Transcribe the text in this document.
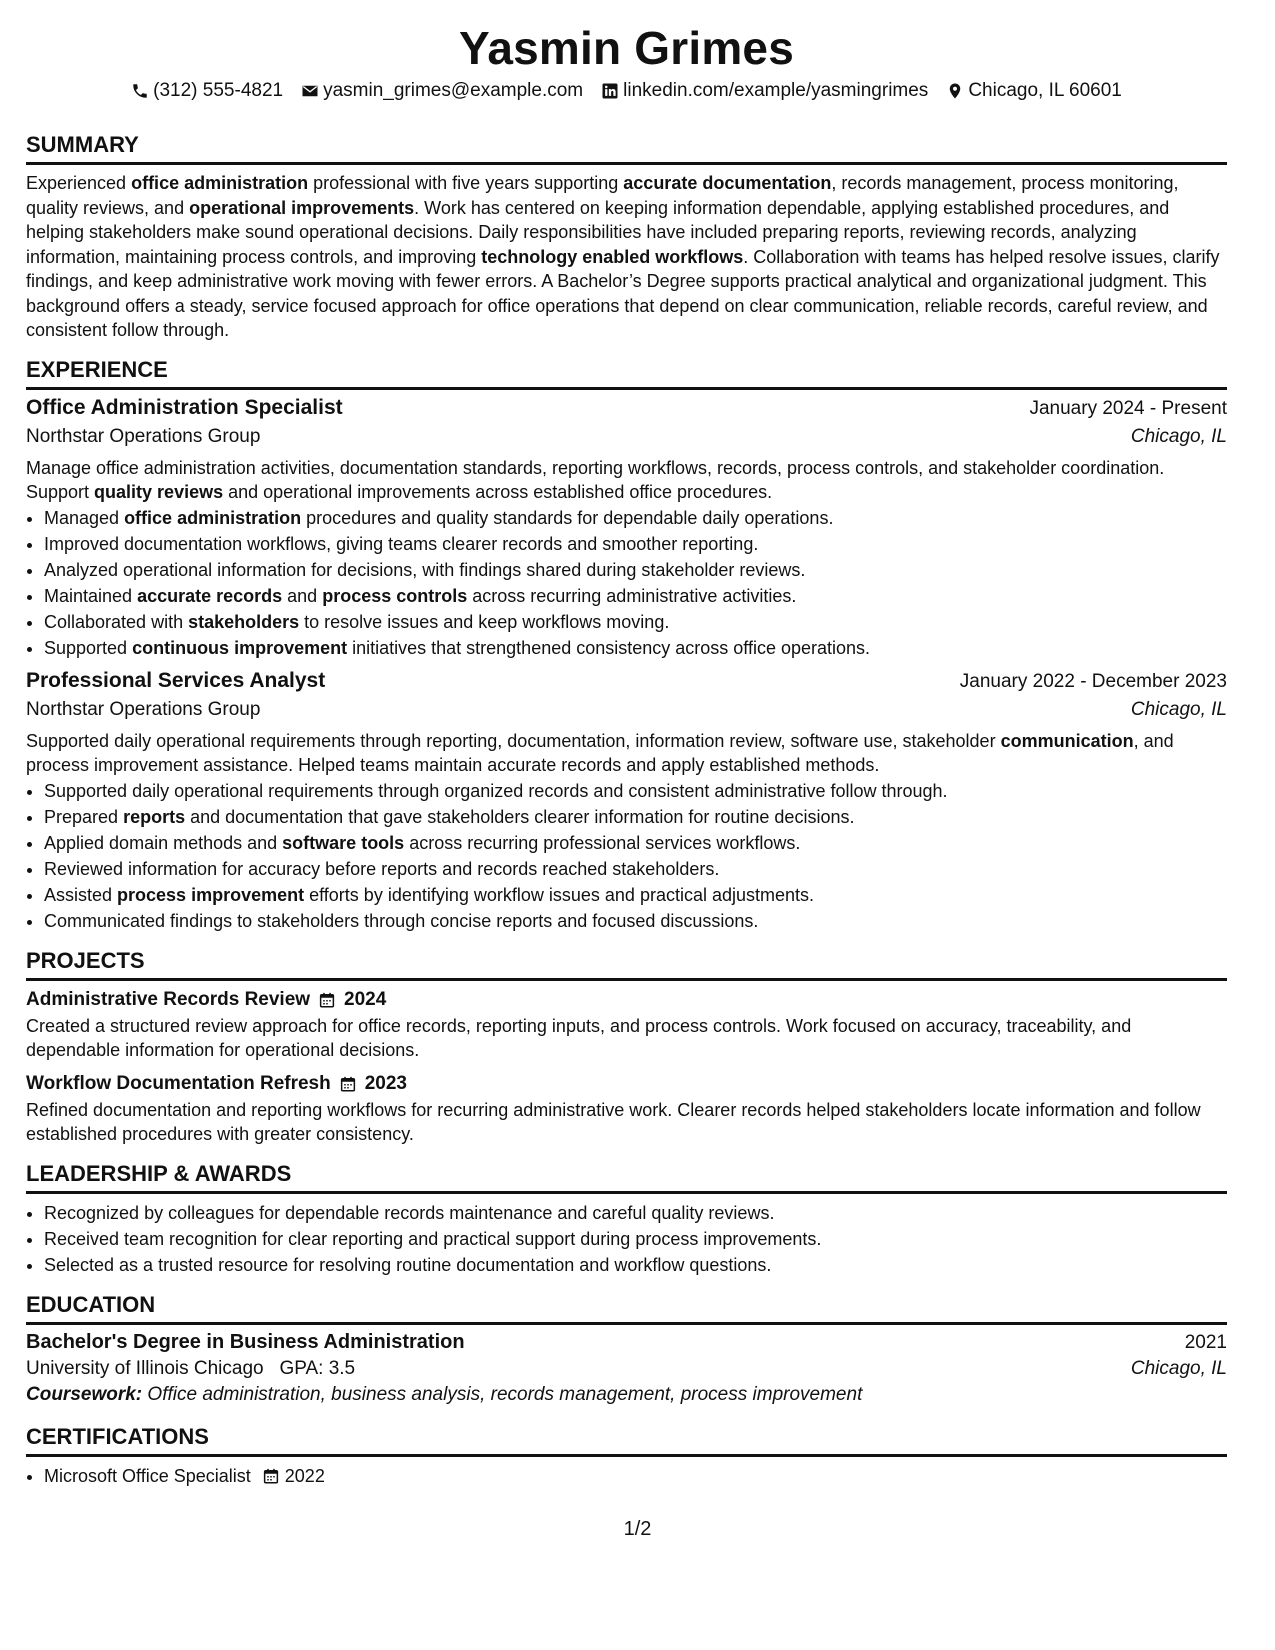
Yasmin Grimes
(312) 555-4821 yasmin_grimes@example.com linkedin.com/example/yasmingrimes Chicago, IL 60601
SUMMARY

Experienced office administration professional with five years supporting accurate documentation, records management, process monitoring, quality reviews, and operational improvements. Work has centered on keeping information dependable, applying established procedures, and helping stakeholders make sound operational decisions. Daily responsibilities have included preparing reports, reviewing records, analyzing information, maintaining process controls, and improving technology enabled workflows. Collaboration with teams has helped resolve issues, clarify findings, and keep administrative work moving with fewer errors. A Bachelor’s Degree supports practical analytical and organizational judgment. This background offers a steady, service focused approach for office operations that depend on clear communication, reliable records, careful review, and consistent follow through.

EXPERIENCE
Office Administration Specialist	January 2024 - Present
Northstar Operations Group	Chicago, IL

Manage office administration activities, documentation standards, reporting workflows, records, process controls, and stakeholder coordination. Support quality reviews and operational improvements across established office procedures.

• Managed office administration procedures and quality standards for dependable daily operations.
• Improved documentation workflows, giving teams clearer records and smoother reporting.
• Analyzed operational information for decisions, with findings shared during stakeholder reviews.
• Maintained accurate records and process controls across recurring administrative activities.
• Collaborated with stakeholders to resolve issues and keep workflows moving.
• Supported continuous improvement initiatives that strengthened consistency across office operations.
Professional Services Analyst	January 2022 - December 2023
Northstar Operations Group	Chicago, IL

Supported daily operational requirements through reporting, documentation, information review, software use, stakeholder communication, and process improvement assistance. Helped teams maintain accurate records and apply established methods.

• Supported daily operational requirements through organized records and consistent administrative follow through.
• Prepared reports and documentation that gave stakeholders clearer information for routine decisions.
• Applied domain methods and software tools across recurring professional services workflows.
• Reviewed information for accuracy before reports and records reached stakeholders.
• Assisted process improvement efforts by identifying workflow issues and practical adjustments.
• Communicated findings to stakeholders through concise reports and focused discussions.
PROJECTS
Administrative Records Review 2024

Created a structured review approach for office records, reporting inputs, and process controls. Work focused on accuracy, traceability, and dependable information for operational decisions.

Workflow Documentation Refresh 2023

Refined documentation and reporting workflows for recurring administrative work. Clearer records helped stakeholders locate information and follow established procedures with greater consistency.

LEADERSHIP & AWARDS
• Recognized by colleagues for dependable records maintenance and careful quality reviews.
• Received team recognition for clear reporting and practical support during process improvements.
• Selected as a trusted resource for resolving routine documentation and workflow questions.
EDUCATION
Bachelor's Degree in Business Administration	2021
University of Illinois Chicago GPA: 3.5	Chicago, IL
Coursework: Office administration, business analysis, records management, process improvement
CERTIFICATIONS
• Microsoft Office Specialist 2022
1/2
